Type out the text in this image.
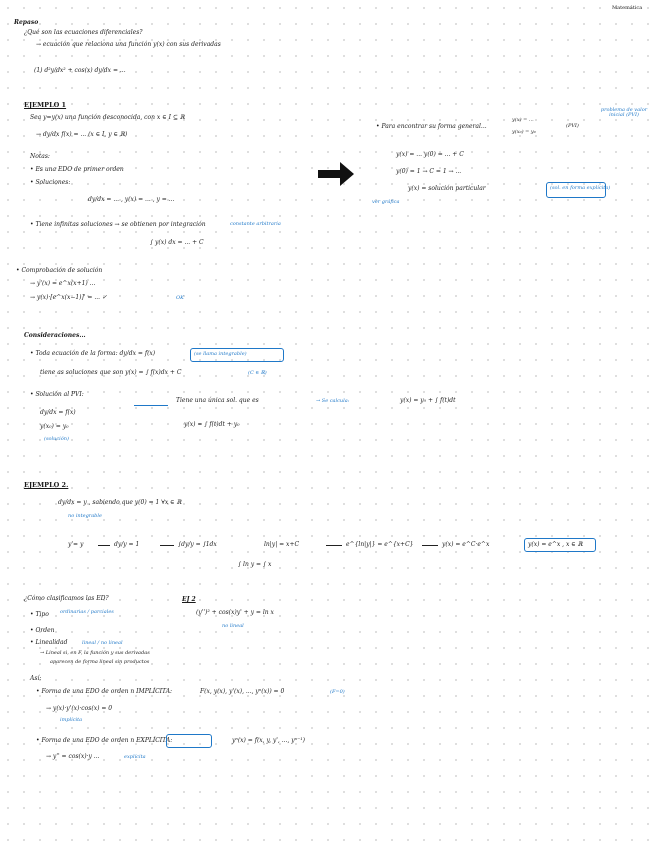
Matemática
Repaso
¿Qué son las ecuaciones diferenciales?
→ ecuación que relaciona una función y(x) con sus derivadas
(1) d²y/dx² + cos(x) dy/dx = ...
EJEMPLO 1
Sea y=y(x) una función desconocida, con x ∈ I ⊆ ℝ
→ dy/dx f(x) = ... (x ∈ I, y ∈ ℝ)
Notas:
• Es una EDO de primer orden
• Soluciones:
dy/dx = ... , y(x) = ... , y = ...
• Tiene infinitas soluciones → se obtienen por integración	constante arbitraria
∫ y(x) dx = ... + C
• Para encontrar su forma general...
y(x) = ...
y(x₀) = y₀
(PVI)
problema de valor inicial (PVI)
y(x) = ... y(0) = ... + C
y(0) = 1 → C = 1 → ...
y(x) = solución particular	(sol. en forma explícita)
ver gráfica
• Comprobación de solución
→ y'(x) = e^x(x+1) ...
→ y(x)·[e^x(x−1)]' = ... ✓	OK
Consideraciones...
• Toda ecuación de la forma: dy/dx = f(x)	(se llama integrable)
tiene as soluciones que son y(x) = ∫ f(x)dx + C	(C ∈ ℝ)
• Solución al PVI:
dy/dx = f(x)
y(x₀) = y₀
(solución)
Tiene una única sol. que es	→ Se calcula:	y(x) = y₀ + ∫ f(t)dt
y(x) = ∫ f(t)dt + y₀
EJEMPLO 2.
dy/dx = y , sabiendo que y(0) = 1 ∀x ∈ ℝ
no integrable
y'= y	dy/y = 1	∫dy/y = ∫1dx	ln|y| = x+C	e^{ln|y|} = e^{x+C}	y(x) = e^C·e^x	y(x) = e^x , x ∈ ℝ
∫ ln y = ∫ x
¿Cómo clasificamos las ED?
• Tipo ordinarias / parciales
• Orden
• Linealidad	lineal / no lineal
→ Lineal si, en F, la función y sus derivadas
aparecen de forma lineal sin productos
EJ 2
(y'')² + cos(x)y' + y = ln x
no lineal
Así:
• Forma de una EDO de orden n IMPLÍCITA:	F(x, y(x), y'(x), ..., yⁿ(x)) = 0	(F=0)
→ y(x)·y'(x)·cos(x) = 0
implícita
• Forma de una EDO de orden n EXPLÍCITA:	yⁿ(x) = f(x, y, y', ..., yⁿ⁻¹)
→ y'' = cos(x)·y ...	explícita
